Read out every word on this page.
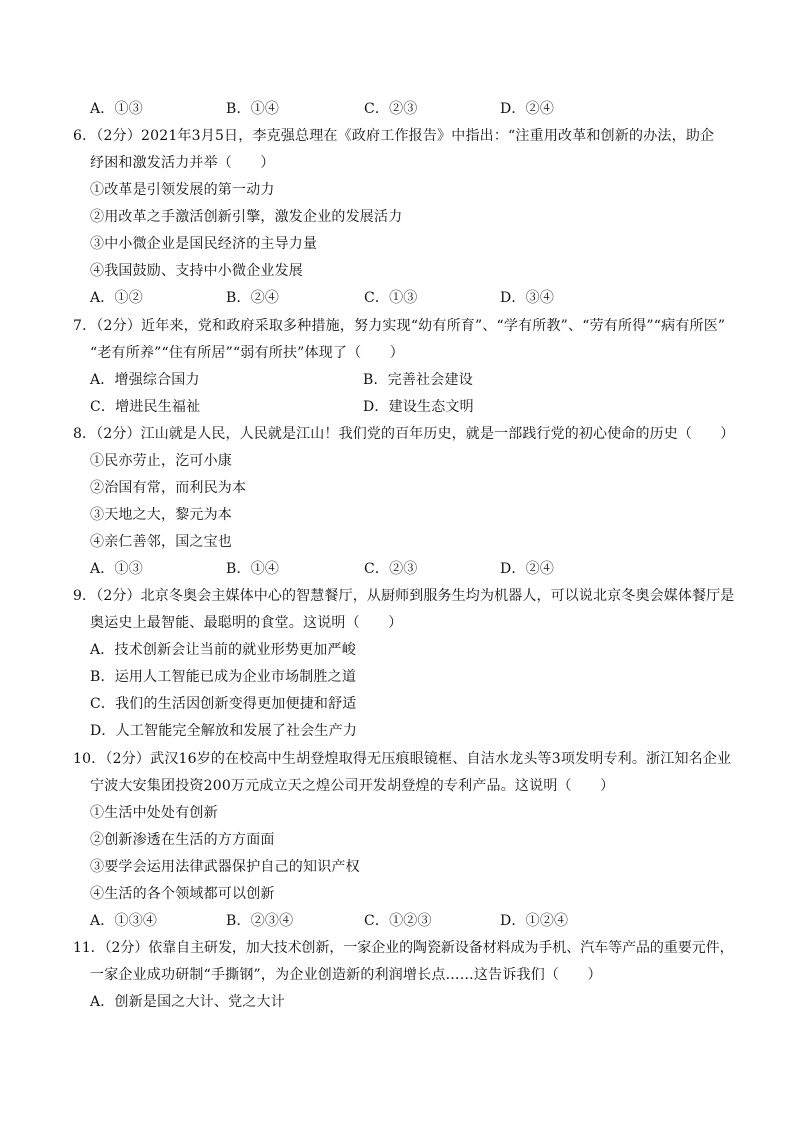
A．①③	B．①④	C．②③	D．②④
6．（2分）2021年3月5日，李克强总理在《政府工作报告》中指出：“注重用改革和创新的办法，助企
纾困和激发活力并举（　　）
①改革是引领发展的第一动力
②用改革之手激活创新引擎，激发企业的发展活力
③中小微企业是国民经济的主导力量
④我国鼓励、支持中小微企业发展
A．①②	B．②④	C．①③	D．③④
7．（2分）近年来，党和政府采取多种措施，努力实现“幼有所育”、“学有所教”、“劳有所得”“病有所医”
“老有所养”“住有所居”“弱有所扶”体现了（　　）
A．增强综合国力	B．完善社会建设
C．增进民生福祉	D．建设生态文明
8．（2分）江山就是人民，人民就是江山！我们党的百年历史，就是一部践行党的初心使命的历史（　　）
①民亦劳止，汔可小康
②治国有常，而利民为本
③天地之大，黎元为本
④亲仁善邻，国之宝也
A．①③	B．①④	C．②③	D．②④
9．（2分）北京冬奥会主媒体中心的智慧餐厅，从厨师到服务生均为机器人，可以说北京冬奥会媒体餐厅是
奥运史上最智能、最聪明的食堂。这说明（　　）
A．技术创新会让当前的就业形势更加严峻
B．运用人工智能已成为企业市场制胜之道
C．我们的生活因创新变得更加便捷和舒适
D．人工智能完全解放和发展了社会生产力
10．（2分）武汉16岁的在校高中生胡登煌取得无压痕眼镜框、自洁水龙头等3项发明专利。浙江知名企业
宁波大安集团投资200万元成立天之煌公司开发胡登煌的专利产品。这说明（　　）
①生活中处处有创新
②创新渗透在生活的方方面面
③要学会运用法律武器保护自己的知识产权
④生活的各个领域都可以创新
A．①③④	B．②③④	C．①②③	D．①②④
11．（2分）依靠自主研发，加大技术创新，一家企业的陶瓷新设备材料成为手机、汽车等产品的重要元件，
一家企业成功研制“手撕钢”，为企业创造新的利润增长点……这告诉我们（　　）
A．创新是国之大计、党之大计
